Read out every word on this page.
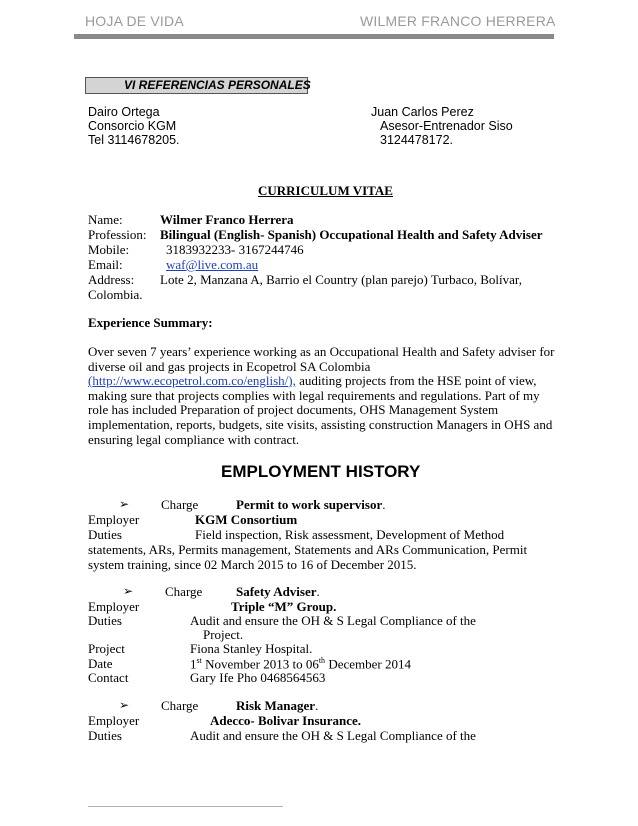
HOJA DE VIDA	WILMER FRANCO HERRERA
VI REFERENCIAS PERSONALES
Dairo Ortega
Consorcio KGM
Tel 3114678205.
Juan Carlos Perez
Asesor-Entrenador Siso
3124478172.
CURRICULUM VITAE
Name:	Wilmer Franco Herrera
Profession: Bilingual (English- Spanish) Occupational Health and Safety Adviser
Mobile:	3183932233- 3167244746
Email:	waf@live.com.au
Address: Lote 2, Manzana A, Barrio el Country (plan parejo) Turbaco, Bolívar,
Colombia.
Experience Summary:
Over seven 7 years’ experience working as an Occupational Health and Safety adviser for diverse oil and gas projects in Ecopetrol SA Colombia
(http://www.ecopetrol.com.co/english/), auditing projects from the HSE point of view, making sure that projects complies with legal requirements and regulations. Part of my role has included Preparation of project documents, OHS Management System implementation, reports, budgets, site visits, assisting construction Managers in OHS and ensuring legal compliance with contract.
EMPLOYMENT HISTORY
➢ Charge	Permit to work supervisor.
Employer	KGM Consortium
Duties	Field inspection, Risk assessment, Development of Method
statements, ARs, Permits management, Statements and ARs Communication, Permit
system training, since 02 March 2015 to 16 of December 2015.
➢ Charge	Safety Adviser.
Employer	Triple “M” Group.
Duties	Audit and ensure the OH & S Legal Compliance of the
Project.
Project	Fiona Stanley Hospital.
Date	1st November 2013 to 06th December 2014
Contact	Gary Ife Pho 0468564563
➢ Charge	Risk Manager.
Employer	Adecco- Bolivar Insurance.
Duties	Audit and ensure the OH & S Legal Compliance of the
